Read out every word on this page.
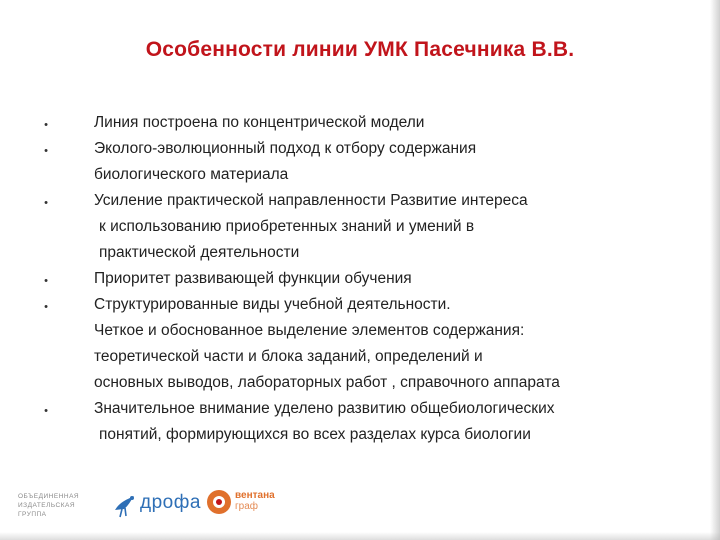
Особенности линии УМК Пасечника В.В.
•
•
•
•
•
•
Линия построена по концентрической модели
Эколого-эволюционный подход к отбору содержания
биологического материала
Усиление практической направленности Развитие интереса
к использованию приобретенных знаний и умений в
практической деятельности
Приоритет развивающей функции обучения
Структурированные виды учебной деятельности.
Четкое и обоснованное выделение элементов содержания:
теоретической части и блока заданий, определений и
основных выводов, лабораторных работ , справочного аппарата
Значительное внимание уделено развитию общебиологических
понятий, формирующихся во всех разделах курса биологии
ОБЪЕДИНЕННАЯ
ИЗДАТЕЛЬСКАЯ ГРУППА
дрофа	вентана
граф
